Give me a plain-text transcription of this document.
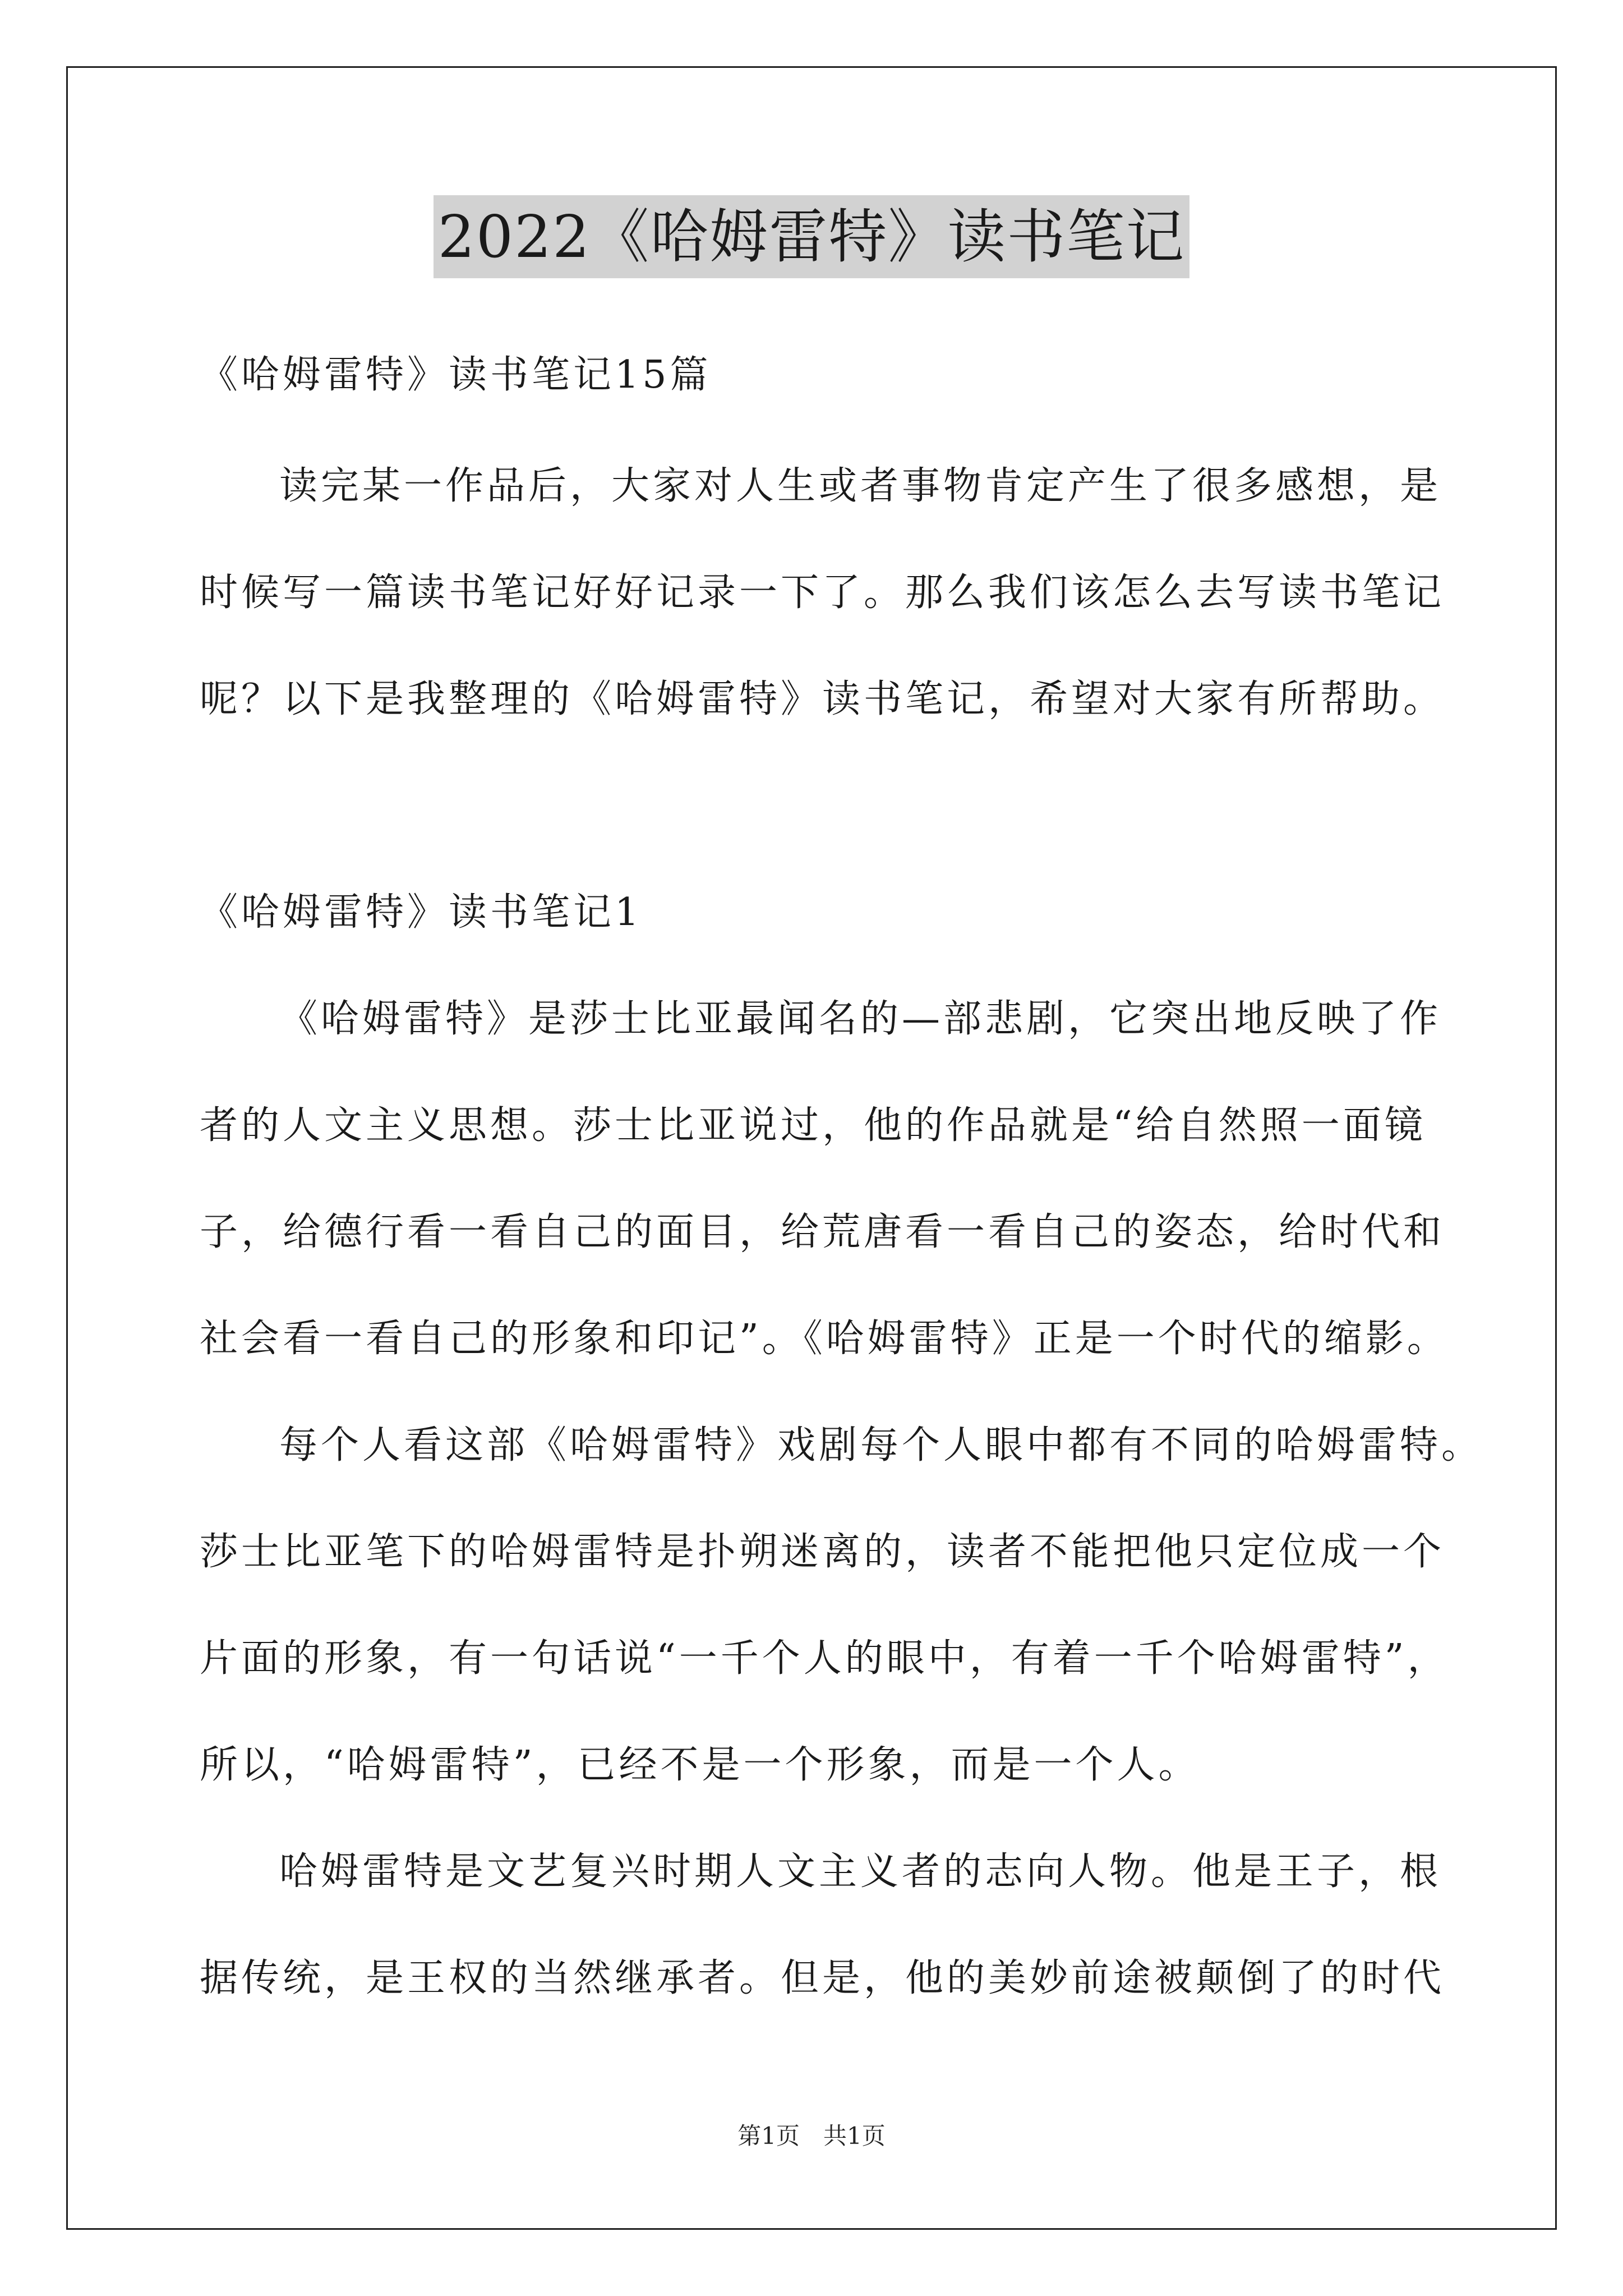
2022《哈姆雷特》读书笔记

《哈姆雷特》读书笔记15篇

读完某一作品后，大家对人生或者事物肯定产生了很多感想，是

时候写一篇读书笔记好好记录一下了。那么我们该怎么去写读书笔记

呢？以下是我整理的《哈姆雷特》读书笔记，希望对大家有所帮助。

《哈姆雷特》读书笔记1

《哈姆雷特》是莎士比亚最闻名的—部悲剧，它突出地反映了作

者的人文主义思想。莎士比亚说过，他的作品就是“给自然照一面镜

子，给德行看一看自己的面目，给荒唐看一看自己的姿态，给时代和

社会看一看自己的形象和印记”。《哈姆雷特》正是一个时代的缩影。

每个人看这部《哈姆雷特》戏剧每个人眼中都有不同的哈姆雷特。

莎士比亚笔下的哈姆雷特是扑朔迷离的，读者不能把他只定位成一个

片面的形象，有一句话说“一千个人的眼中，有着一千个哈姆雷特”，

所以，“哈姆雷特”，已经不是一个形象，而是一个人。

哈姆雷特是文艺复兴时期人文主义者的志向人物。他是王子，根

据传统，是王权的当然继承者。但是，他的美妙前途被颠倒了的时代

第1页　共1页
